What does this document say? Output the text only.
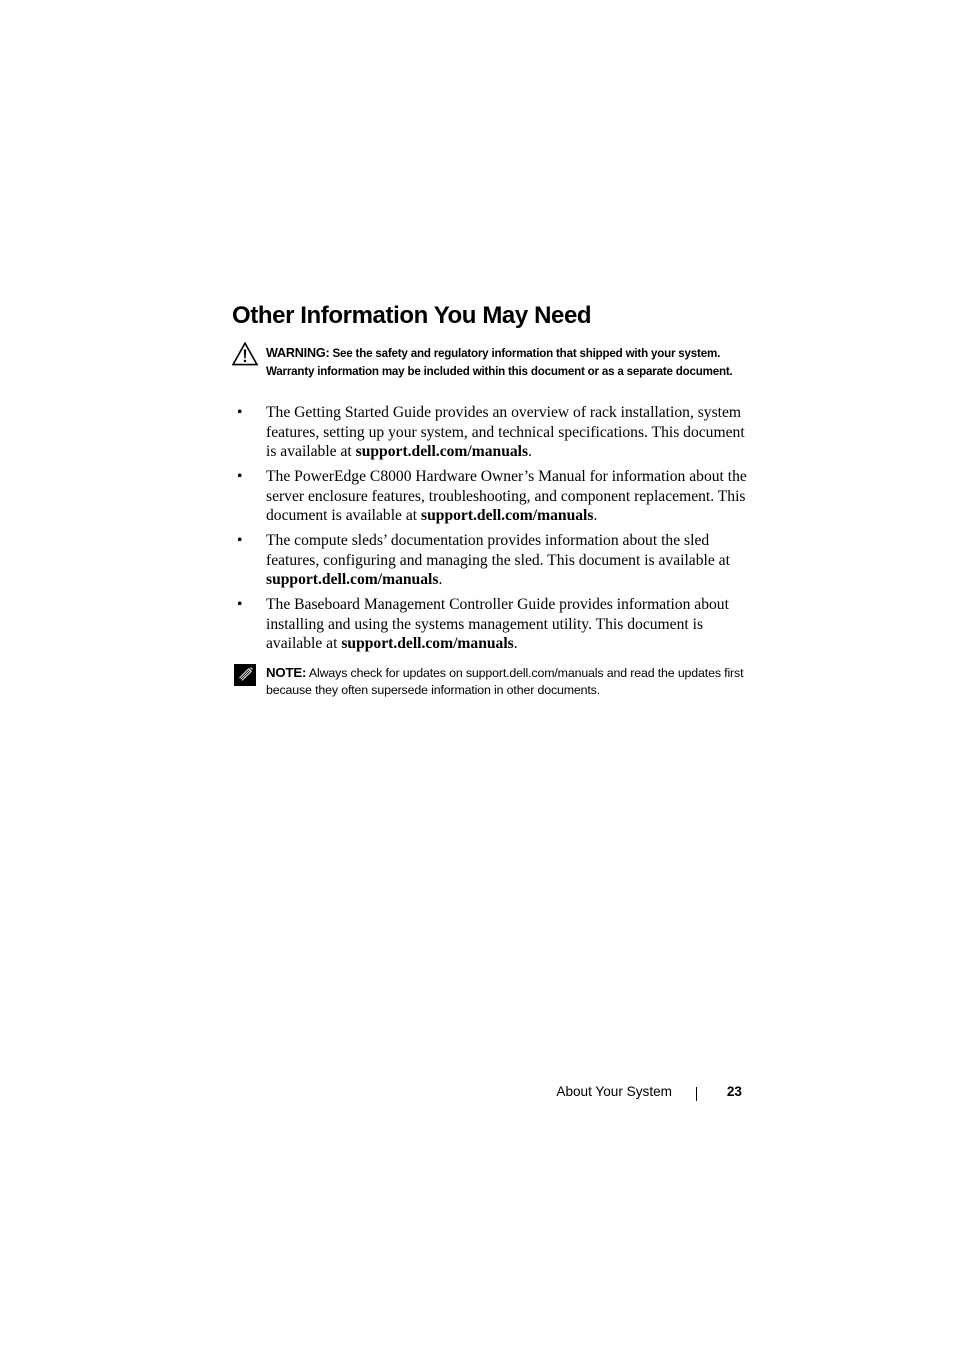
Other Information You May Need
WARNING: See the safety and regulatory information that shipped with your system. Warranty information may be included within this document or as a separate document.
• The Getting Started Guide provides an overview of rack installation, system features, setting up your system, and technical specifications. This document is available at support.dell.com/manuals.
• The PowerEdge C8000 Hardware Owner’s Manual for information about the server enclosure features, troubleshooting, and component replacement. This document is available at support.dell.com/manuals.
• The compute sleds’ documentation provides information about the sled features, configuring and managing the sled. This document is available at support.dell.com/manuals.
• The Baseboard Management Controller Guide provides information about installing and using the systems management utility. This document is available at support.dell.com/manuals.
NOTE: Always check for updates on support.dell.com/manuals and read the updates first because they often supersede information in other documents.
About Your System	23
